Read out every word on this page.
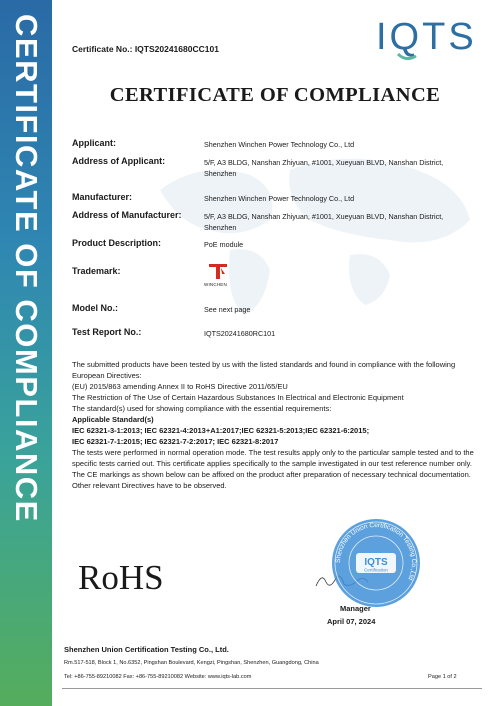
CERTIFICATE OF COMPLIANCE	IQTS
Certificate No.: IQTS20241680CC101
CERTIFICATE OF COMPLIANCE
Applicant:	Shenzhen Winchen Power Technology Co., Ltd
Address of Applicant:	5/F, A3 BLDG, Nanshan Zhiyuan, #1001, Xueyuan BLVD, Nanshan District, Shenzhen
Manufacturer:	Shenzhen Winchen Power Technology Co., Ltd
Address of Manufacturer:	5/F, A3 BLDG, Nanshan Zhiyuan, #1001, Xueyuan BLVD, Nanshan District, Shenzhen
Product Description:	PoE module
Trademark:
WINCHEN
Model No.:	See next page
Test Report No.:	IQTS20241680RC101

The submitted products have been tested by us with the listed standards and found in compliance with the following European Directives:

(EU) 2015/863 amending Annex II to RoHS Directive 2011/65/EU

The Restriction of The Use of Certain Hazardous Substances In Electrical and Electronic Equipment

The standard(s) used for showing compliance with the essential requirements:

Applicable Standard(s)

IEC 62321-3-1:2013; IEC 62321-4:2013+A1:2017;IEC 62321-5:2013;IEC 62321-6:2015;

IEC 62321-7-1:2015; IEC 62321-7-2:2017; IEC 62321-8:2017

The tests were performed in normal operation mode. The test results apply only to the particular sample tested and to the specific tests carried out. This certificate applies specifically to the sample investigated in our test reference number only.

The CE markings as shown below can be affixed on the product after preparation of necessary technical documentation.

Other relevant Directives have to be observed.

RoHS	Shenzhen Union Certification Testing Co.,Ltd
IQTS
Certification
Manager
April 07, 2024
Shenzhen Union Certification Testing Co., Ltd.
Rm.517-518, Block 1, No.6352, Pingshan Boulevard, Kengzi, Pingshan, Shenzhen, Guangdong, China
Tel: +86-755-89210082 Fax: +86-755-89210082 Website: www.iqts-lab.com	Page 1 of 2
